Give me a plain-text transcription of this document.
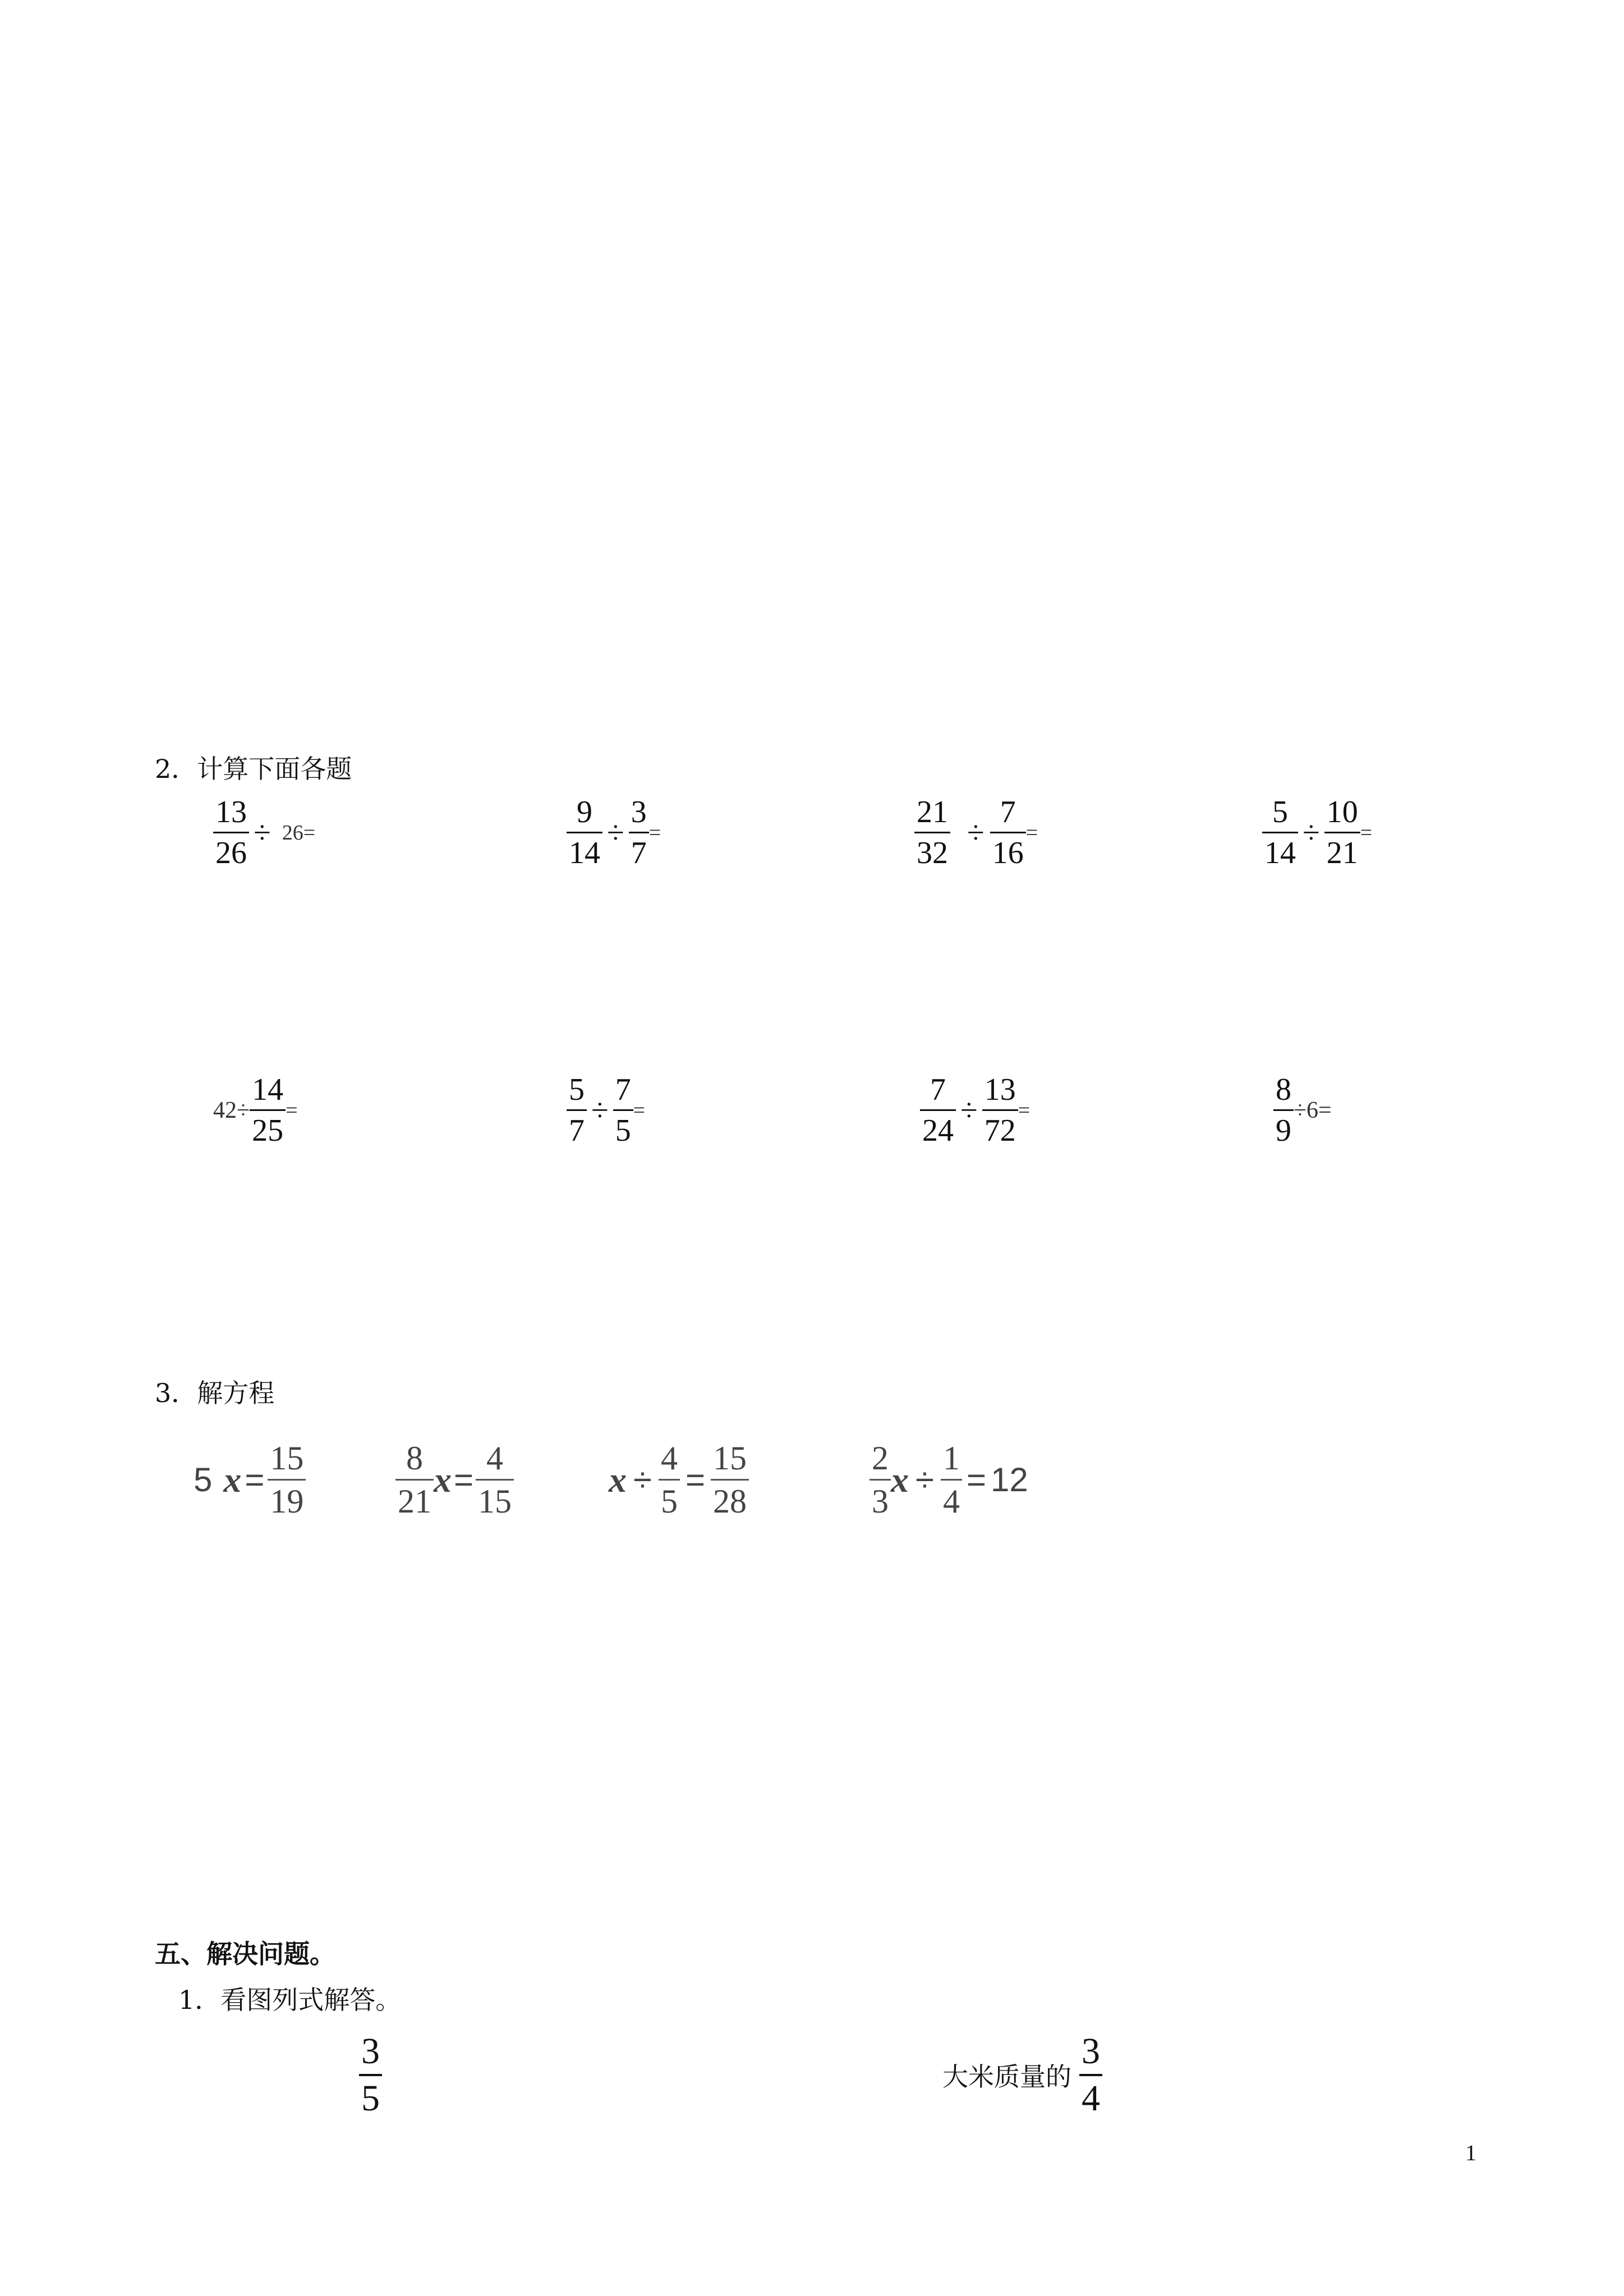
2．计算下面各题
$\frac{13}{26} \div 26=$	$\frac{9}{14} \div \frac{3}{7}$ =	$\frac{21}{32} \div \frac{7}{16}$ =	$\frac{5}{14} \div \frac{10}{21}$ =
$42\div \frac{14}{25}$ =	$\frac{5}{7} \div \frac{7}{5}$ =	$\frac{7}{24} \div \frac{13}{72}$ =	$\frac{8}{9} \div 6=$
3．解方程
5 $x = \frac{15}{19}$	$\frac{8}{21}$ $x = \frac{4}{15}$	$x \div \frac{4}{5} = \frac{15}{28}$	$\frac{2}{3}$ $x \div \frac{1}{4} = 12$
五、解决问题。
1．看图列式解答。
$\frac{3}{5}$	大米质量的 $\frac{3}{4}$
1
